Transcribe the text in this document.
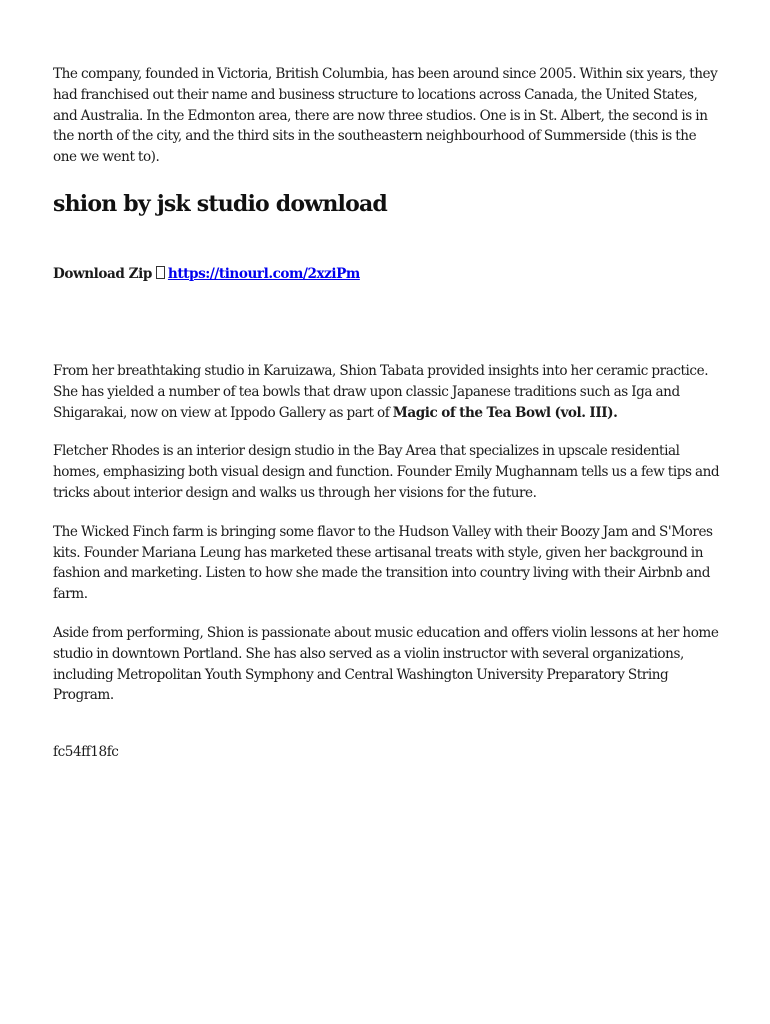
The company, founded in Victoria, British Columbia, has been around since 2005. Within six years, they had franchised out their name and business structure to locations across Canada, the United States, and Australia. In the Edmonton area, there are now three studios. One is in St. Albert, the second is in the north of the city, and the third sits in the southeastern neighbourhood of Summerside (this is the one we went to).

shion by jsk studio download
Download Zip https://tinourl.com/2xziPm

From her breathtaking studio in Karuizawa, Shion Tabata provided insights into her ceramic practice. She has yielded a number of tea bowls that draw upon classic Japanese traditions such as Iga and Shigarakai, now on view at Ippodo Gallery as part of Magic of the Tea Bowl (vol. III).

Fletcher Rhodes is an interior design studio in the Bay Area that specializes in upscale residential homes, emphasizing both visual design and function. Founder Emily Mughannam tells us a few tips and tricks about interior design and walks us through her visions for the future.

The Wicked Finch farm is bringing some flavor to the Hudson Valley with their Boozy Jam and S'Mores kits. Founder Mariana Leung has marketed these artisanal treats with style, given her background in fashion and marketing. Listen to how she made the transition into country living with their Airbnb and farm.

Aside from performing, Shion is passionate about music education and offers violin lessons at her home studio in downtown Portland. She has also served as a violin instructor with several organizations, including Metropolitan Youth Symphony and Central Washington University Preparatory String Program.

fc54ff18fc
